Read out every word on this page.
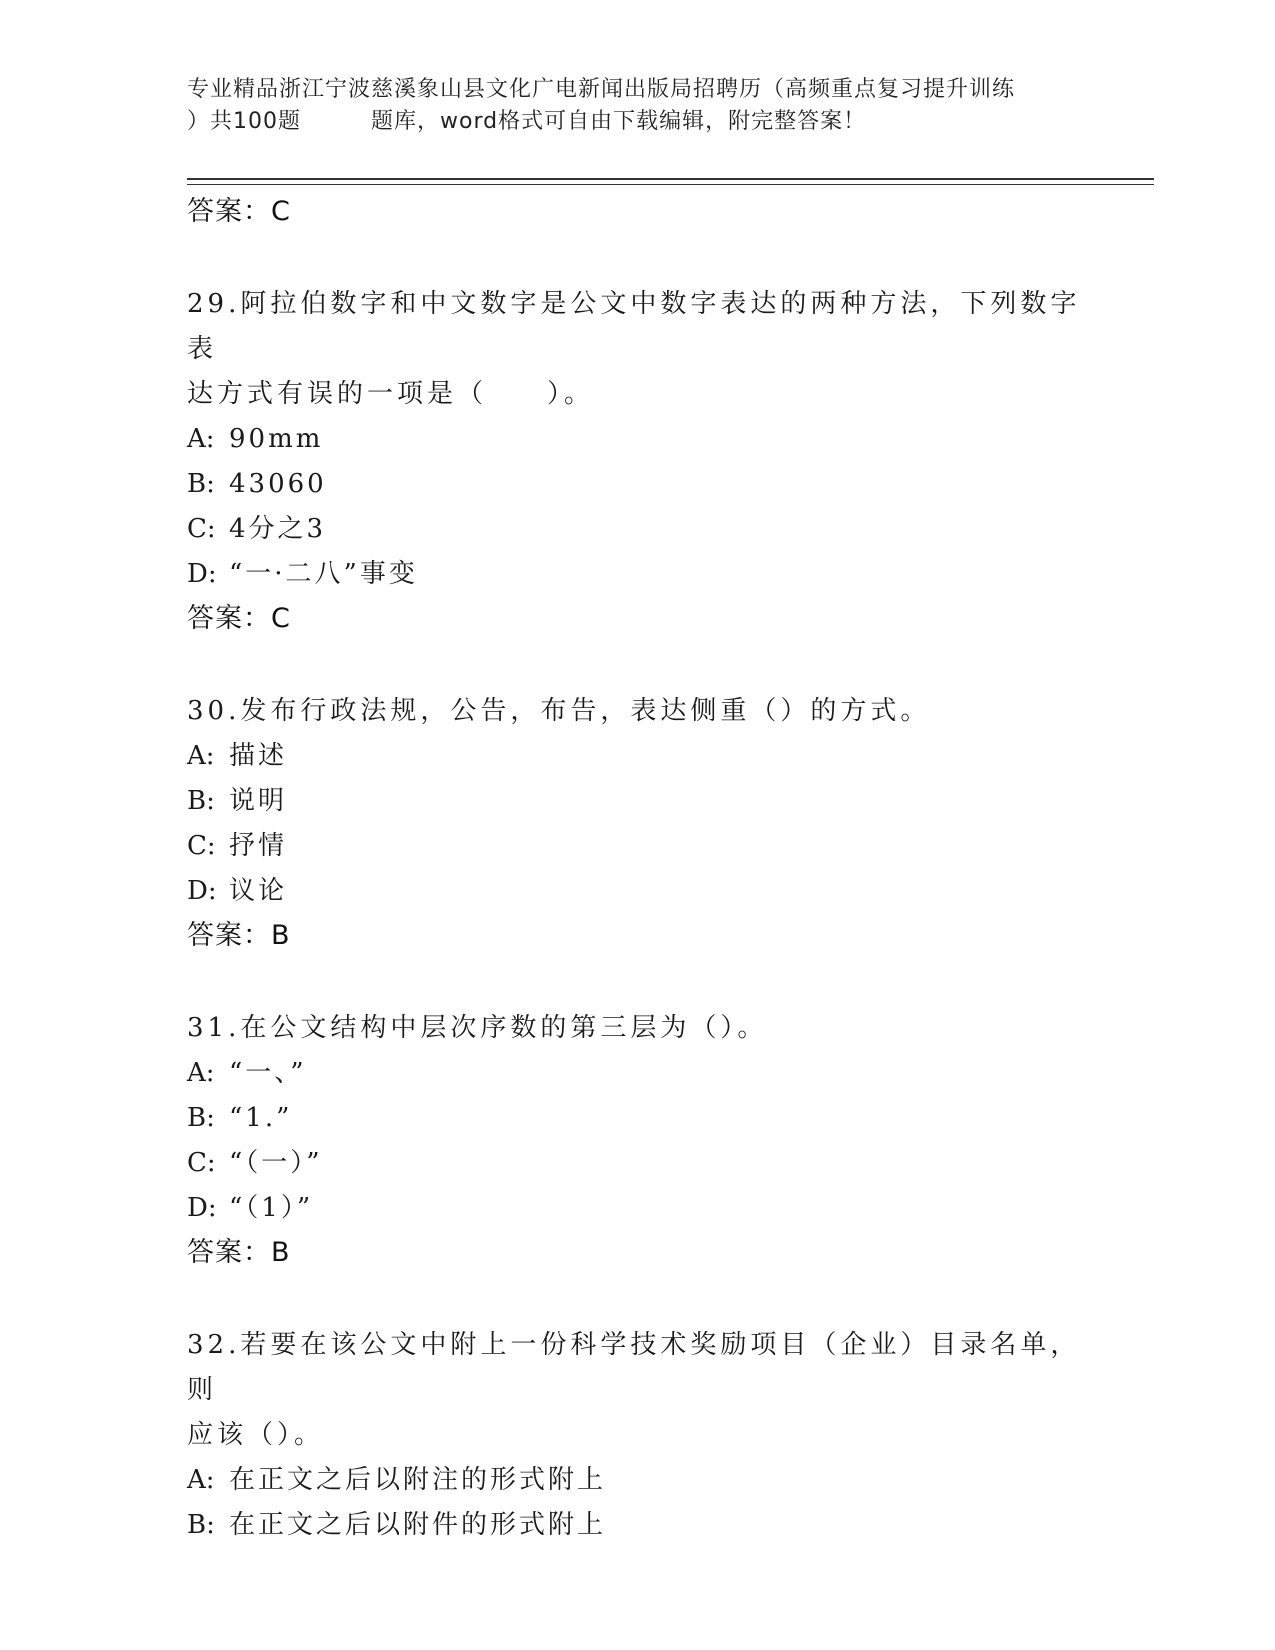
专业精品浙江宁波慈溪象山县文化广电新闻出版局招聘历（高频重点复习提升训练
）共100题	题库，word格式可自由下载编辑，附完整答案！
答案：C
29.阿拉伯数字和中文数字是公文中数字表达的两种方法，下列数字表
达方式有误的一项是（　　）。
A: 90mm
B: 43060
C: 4分之3
D: “一·二八”事变
答案：C
30.发布行政法规，公告，布告，表达侧重（）的方式。
A: 描述
B: 说明
C: 抒情
D: 议论
答案：B
31.在公文结构中层次序数的第三层为（）。
A: “一、”
B: “1.”
C: “（一）”
D: “（1）”
答案：B
32.若要在该公文中附上一份科学技术奖励项目（企业）目录名单，则
应该（）。
A: 在正文之后以附注的形式附上
B: 在正文之后以附件的形式附上
